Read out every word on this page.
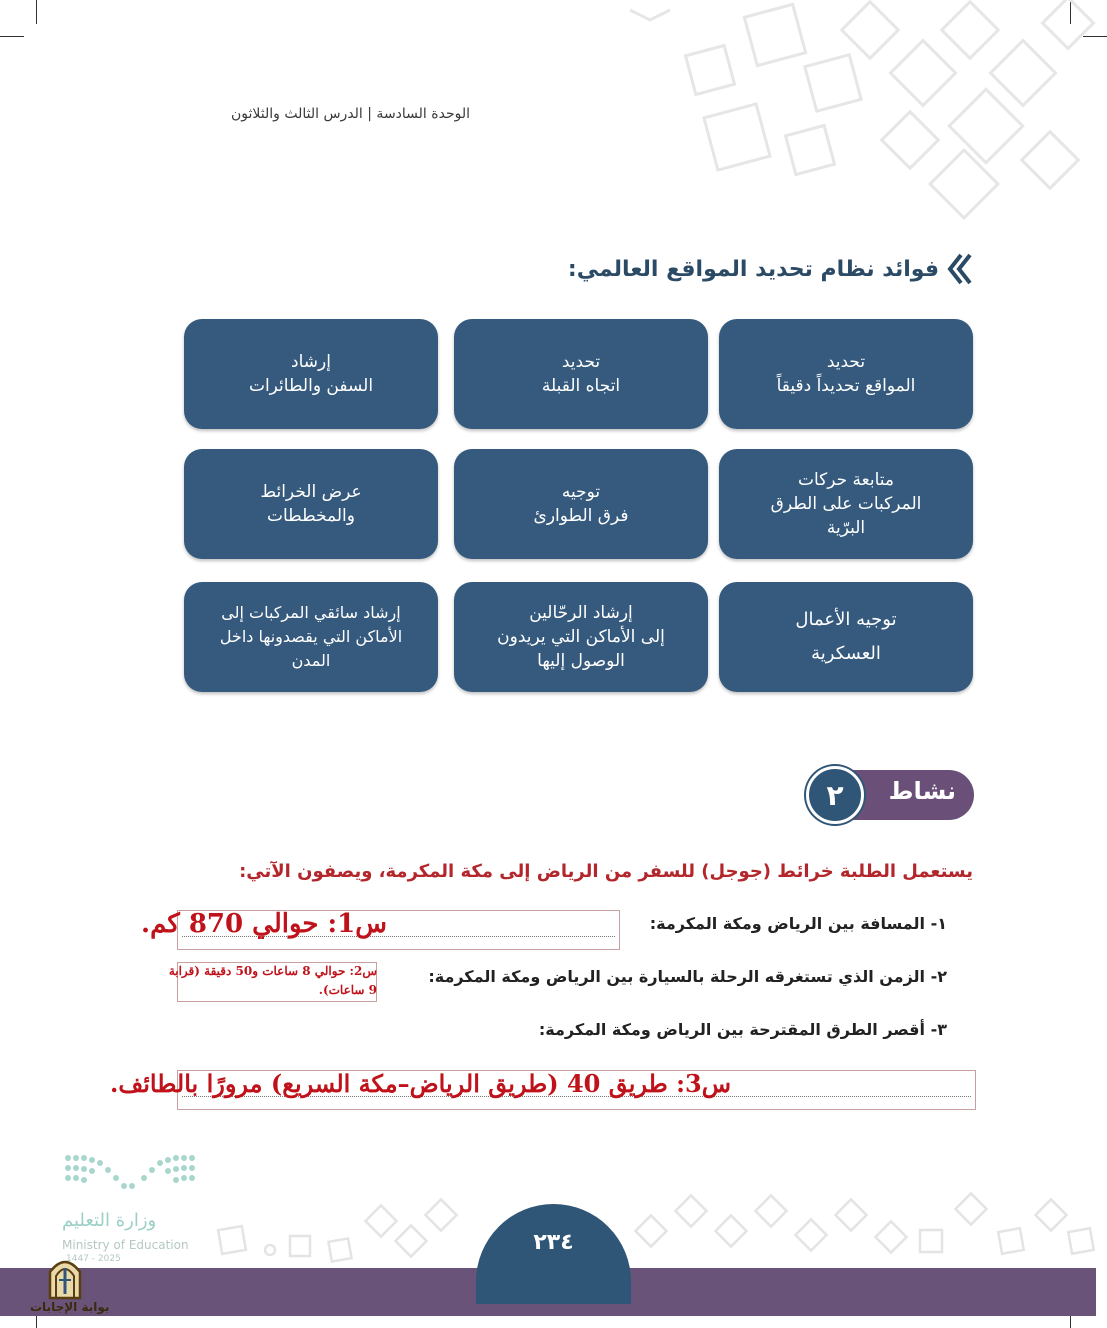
الوحدة السادسة | الدرس الثالث والثلاثون
فوائد نظام تحديد المواقع العالمي:
تحديد
المواقع تحديداً دقيقاً
تحديد
اتجاه القبلة
إرشاد
السفن والطائرات
متابعة حركات
المركبات على الطرق
البرّية
توجيه
فرق الطوارئ
عرض الخرائط
والمخططات
توجيه الأعمال
العسكرية
إرشاد الرحّالين
إلى الأماكن التي يريدون
الوصول إليها
إرشاد سائقي المركبات إلى
الأماكن التي يقصدونها داخل
المدن
نشاط
٢
يستعمل الطلبة خرائط (جوجل) للسفر من الرياض إلى مكة المكرمة، ويصفون الآتي:
١- المسافة بين الرياض ومكة المكرمة:
س1: حوالي 870 كم.
٢- الزمن الذي تستغرقه الرحلة بالسيارة بين الرياض ومكة المكرمة:
س2: حوالي 8 ساعات و50 دقيقة (قرابة
9 ساعات).
٣- أقصر الطرق المقترحة بين الرياض ومكة المكرمة:
س3: طريق 40 (طريق الرياض–مكة السريع) مرورًا بالطائف.
وزارة التعليم
Ministry of Education
2025 - 1447
٢٣٤
بوابة الإجابات
